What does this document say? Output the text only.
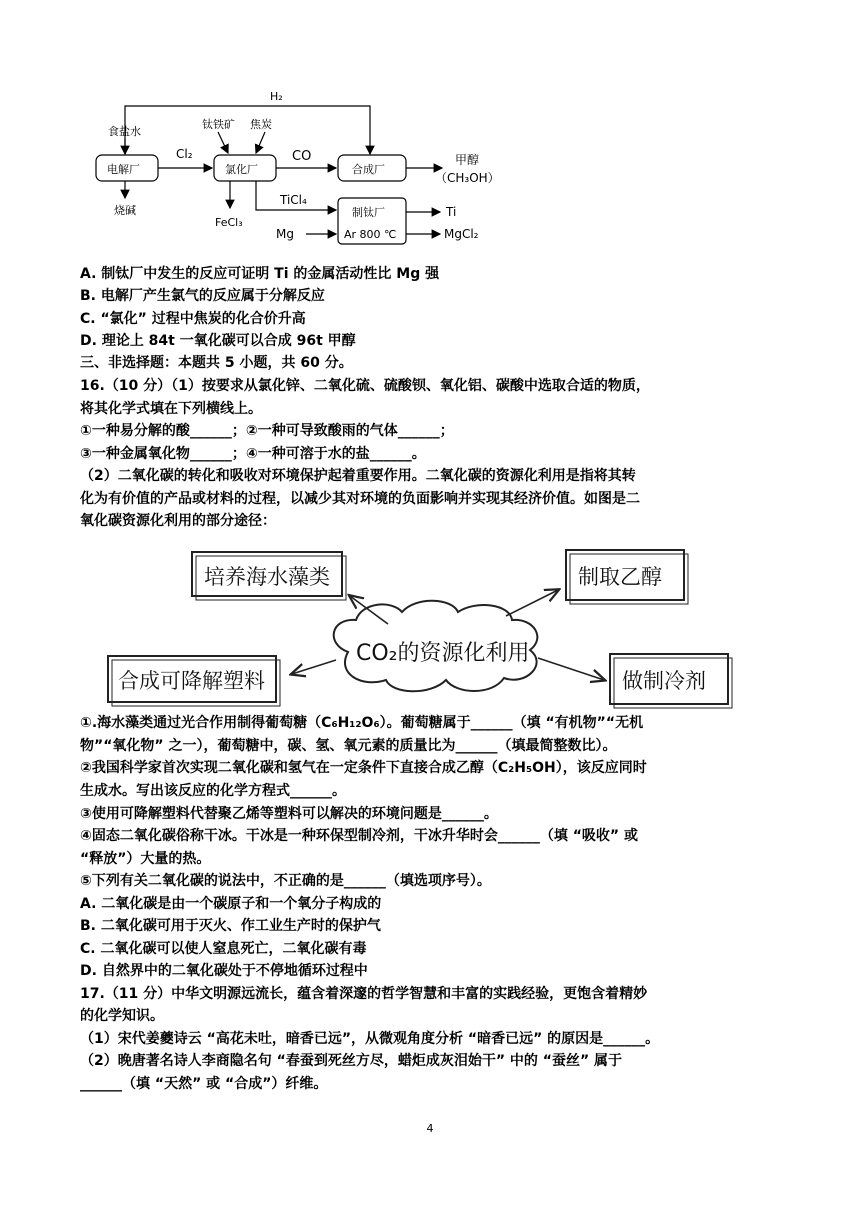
H₂
食盐水
电解厂
烧碱
Cl₂
钛铁矿 焦炭
氯化厂
CO
合成厂
甲醇
（CH₃OH）
FeCl₃
TiCl₄
Mg
制钛厂
Ar 800 ℃
Ti
MgCl₂
A. 制钛厂中发生的反应可证明 Ti 的金属活动性比 Mg 强
B. 电解厂产生氯气的反应属于分解反应
C. “氯化” 过程中焦炭的化合价升高
D. 理论上 84t 一氧化碳可以合成 96t 甲醇
三、非选择题：本题共 5 小题，共 60 分。
16.（10 分）（1）按要求从氯化锌、二氧化硫、硫酸钡、氧化铝、碳酸中选取合适的物质，
将其化学式填在下列横线上。
①一种易分解的酸______；②一种可导致酸雨的气体______；
③一种金属氧化物______；④一种可溶于水的盐______。
（2）二氧化碳的转化和吸收对环境保护起着重要作用。二氧化碳的资源化利用是指将其转
化为有价值的产品或材料的过程，以减少其对环境的负面影响并实现其经济价值。如图是二
氧化碳资源化利用的部分途径：
培养海水藻类	制取乙醇
合成可降解塑料	做制冷剂
CO₂的资源化利用
①.海水藻类通过光合作用制得葡萄糖（C₆H₁₂O₆）。葡萄糖属于______（填 “有机物”“无机
物”“氧化物” 之一），葡萄糖中，碳、氢、氧元素的质量比为______（填最简整数比）。
②我国科学家首次实现二氧化碳和氢气在一定条件下直接合成乙醇（C₂H₅OH），该反应同时
生成水。写出该反应的化学方程式______。
③使用可降解塑料代替聚乙烯等塑料可以解决的环境问题是______。
④固态二氧化碳俗称干冰。干冰是一种环保型制冷剂，干冰升华时会______（填 “吸收” 或
“释放”）大量的热。
⑤下列有关二氧化碳的说法中，不正确的是______（填选项序号）。
A. 二氧化碳是由一个碳原子和一个氧分子构成的
B. 二氧化碳可用于灭火、作工业生产时的保护气
C. 二氧化碳可以使人窒息死亡，二氧化碳有毒
D. 自然界中的二氧化碳处于不停地循环过程中
17.（11 分）中华文明源远流长，蕴含着深邃的哲学智慧和丰富的实践经验，更饱含着精妙
的化学知识。
（1）宋代姜夔诗云 “高花未吐，暗香已远”，从微观角度分析 “暗香已远” 的原因是______。
（2）晚唐著名诗人李商隐名句 “春蚕到死丝方尽，蜡炬成灰泪始干” 中的 “蚕丝” 属于
______（填 “天然” 或 “合成”）纤维。
4
